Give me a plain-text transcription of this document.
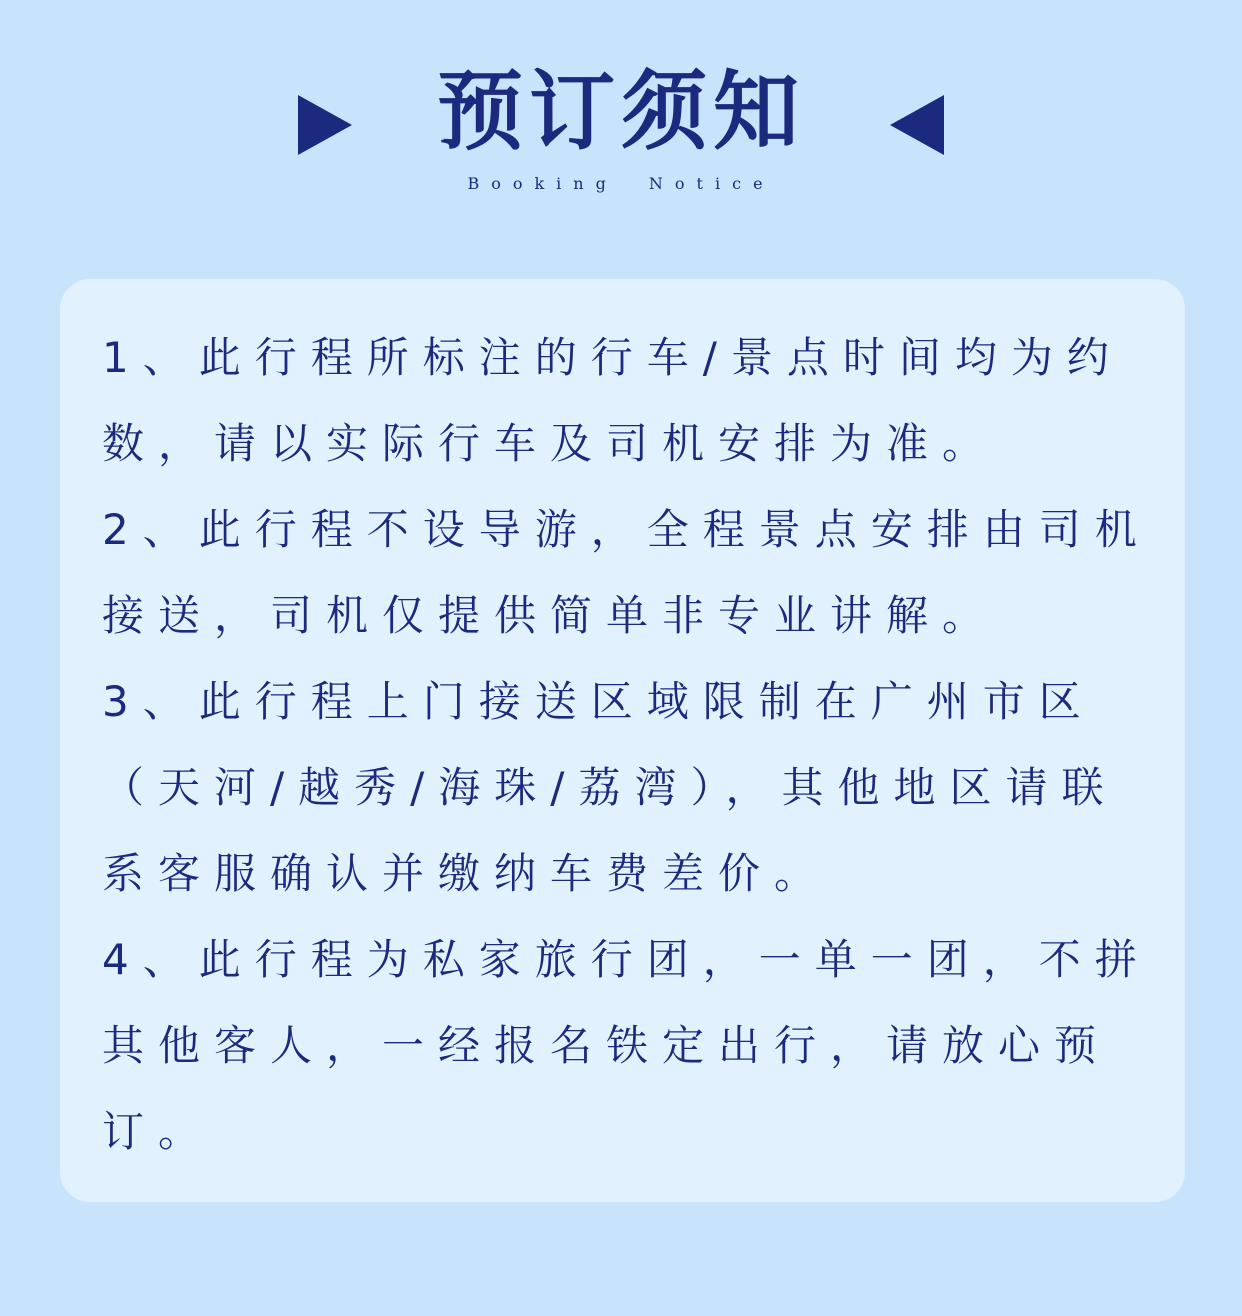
预订须知
Booking Notice
1、此行程所标注的行车/景点时间均为约数，请以实际行车及司机安排为准。
2、此行程不设导游，全程景点安排由司机接送，司机仅提供简单非专业讲解。
3、此行程上门接送区域限制在广州市区（天河/越秀/海珠/荔湾），其他地区请联系客服确认并缴纳车费差价。
4、此行程为私家旅行团，一单一团，不拼其他客人，一经报名铁定出行，请放心预订。
